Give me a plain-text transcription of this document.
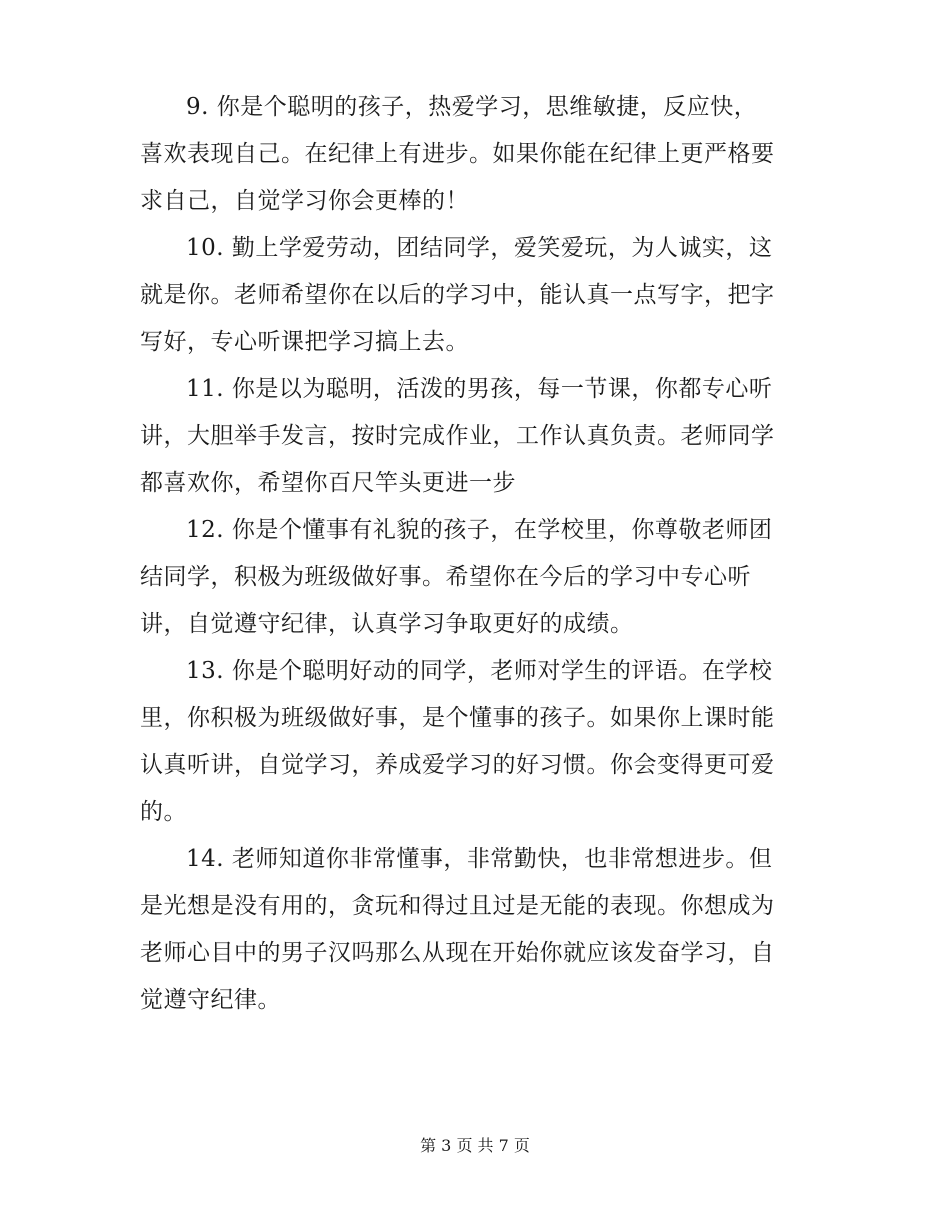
9. 你是个聪明的孩子，热爱学习，思维敏捷，反应快，
喜欢表现自己。在纪律上有进步。如果你能在纪律上更严格要
求自己，自觉学习你会更棒的！
10. 勤上学爱劳动，团结同学，爱笑爱玩，为人诚实，这
就是你。老师希望你在以后的学习中，能认真一点写字，把字
写好，专心听课把学习搞上去。
11. 你是以为聪明，活泼的男孩，每一节课，你都专心听
讲，大胆举手发言，按时完成作业，工作认真负责。老师同学
都喜欢你，希望你百尺竿头更进一步
12. 你是个懂事有礼貌的孩子，在学校里，你尊敬老师团
结同学，积极为班级做好事。希望你在今后的学习中专心听
讲，自觉遵守纪律，认真学习争取更好的成绩。
13. 你是个聪明好动的同学，老师对学生的评语。在学校
里，你积极为班级做好事，是个懂事的孩子。如果你上课时能
认真听讲，自觉学习，养成爱学习的好习惯。你会变得更可爱
的。
14. 老师知道你非常懂事，非常勤快，也非常想进步。但
是光想是没有用的，贪玩和得过且过是无能的表现。你想成为
老师心目中的男子汉吗那么从现在开始你就应该发奋学习，自
觉遵守纪律。
第 3 页 共 7 页
